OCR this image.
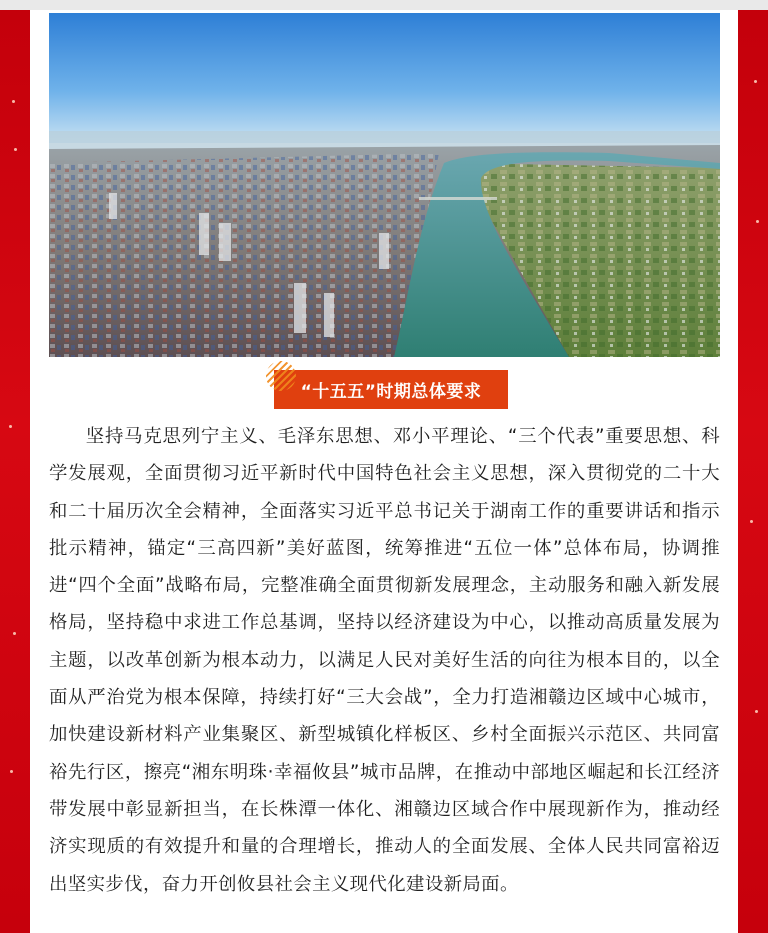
“十五五”时期总体要求

坚持马克思列宁主义、毛泽东思想、邓小平理论、“三个代表”重要思想、科学发展观，全面贯彻习近平新时代中国特色社会主义思想，深入贯彻党的二十大和二十届历次全会精神，全面落实习近平总书记关于湖南工作的重要讲话和指示批示精神，锚定“三高四新”美好蓝图，统筹推进“五位一体”总体布局，协调推进“四个全面”战略布局，完整准确全面贯彻新发展理念，主动服务和融入新发展格局，坚持稳中求进工作总基调，坚持以经济建设为中心，以推动高质量发展为主题，以改革创新为根本动力，以满足人民对美好生活的向往为根本目的，以全面从严治党为根本保障，持续打好“三大会战”，全力打造湘赣边区域中心城市，加快建设新材料产业集聚区、新型城镇化样板区、乡村全面振兴示范区、共同富裕先行区，擦亮“湘东明珠·幸福攸县”城市品牌，在推动中部地区崛起和长江经济带发展中彰显新担当，在长株潭一体化、湘赣边区域合作中展现新作为，推动经济实现质的有效提升和量的合理增长，推动人的全面发展、全体人民共同富裕迈出坚实步伐，奋力开创攸县社会主义现代化建设新局面。
